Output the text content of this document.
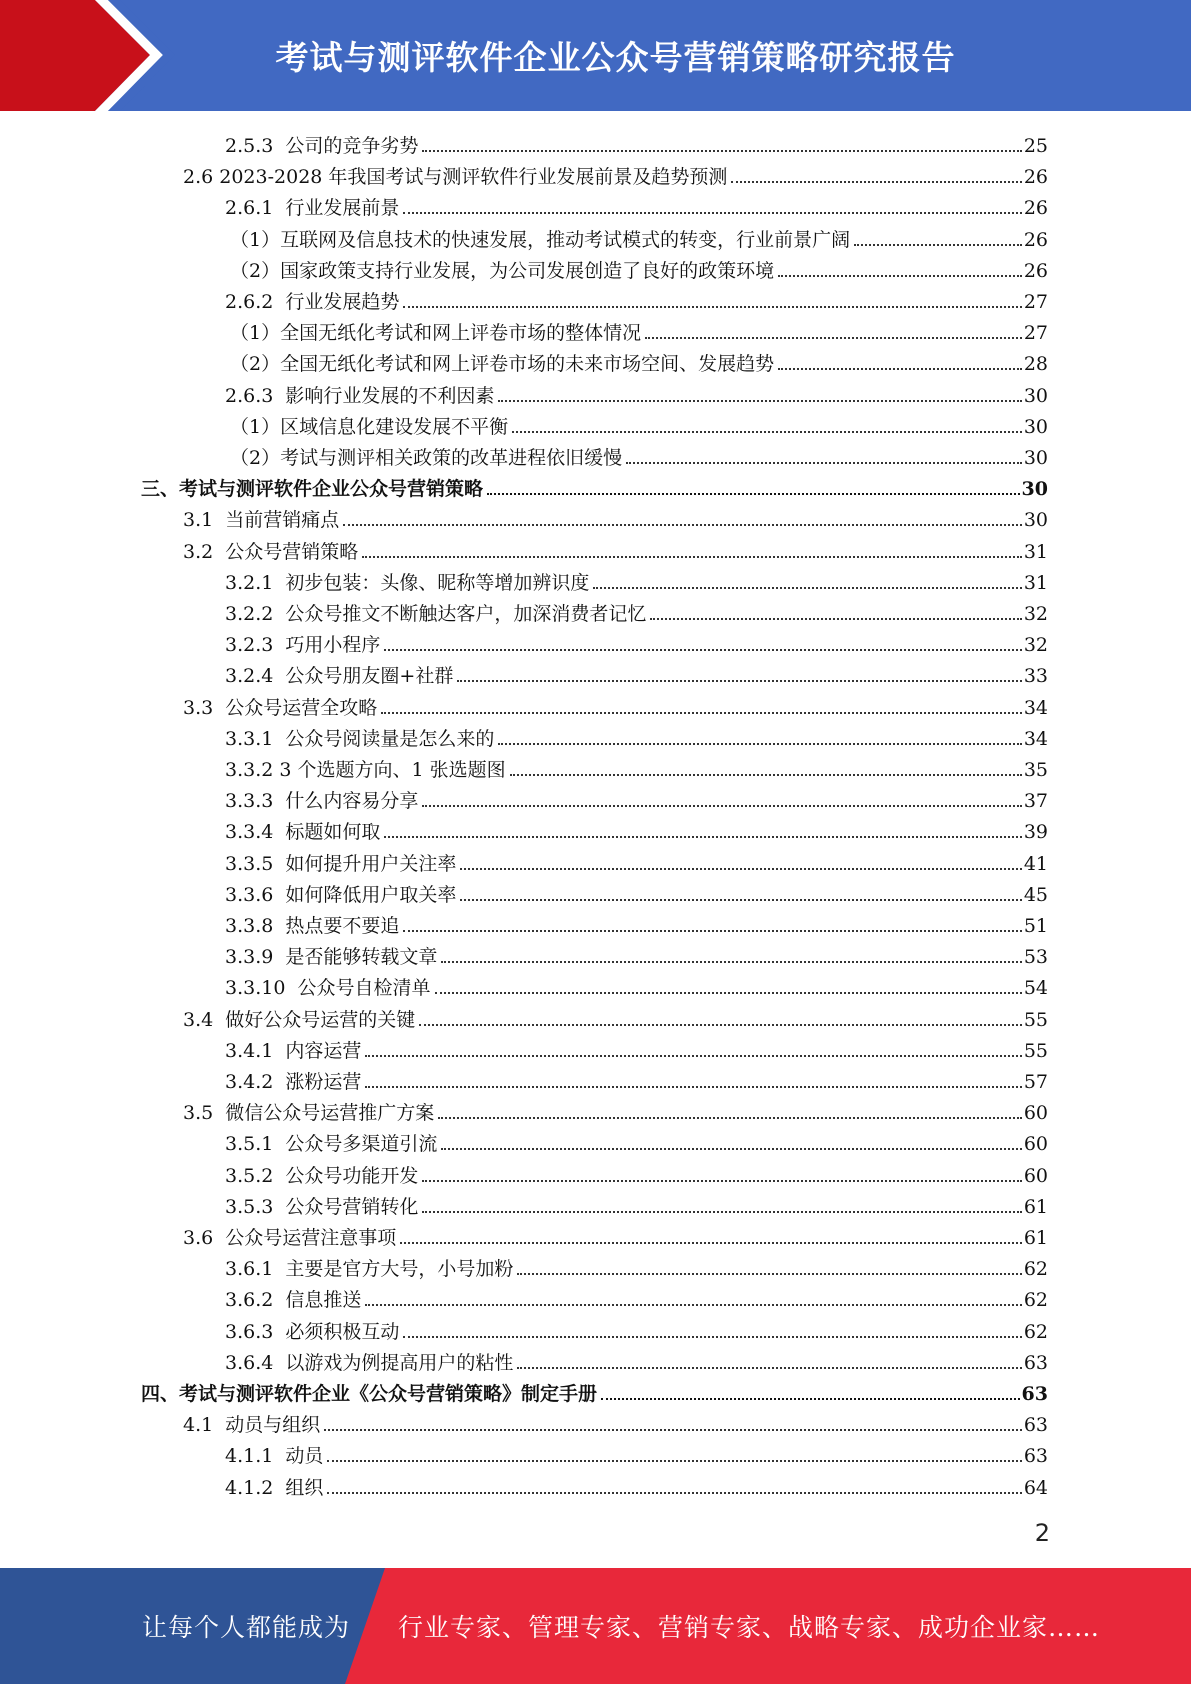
考试与测评软件企业公众号营销策略研究报告
2.5.3  公司的竞争劣势	25
2.6 2023-2028 年我国考试与测评软件行业发展前景及趋势预测	26
2.6.1  行业发展前景	26
（1）互联网及信息技术的快速发展，推动考试模式的转变，行业前景广阔	26
（2）国家政策支持行业发展，为公司发展创造了良好的政策环境	26
2.6.2  行业发展趋势	27
（1）全国无纸化考试和网上评卷市场的整体情况	27
（2）全国无纸化考试和网上评卷市场的未来市场空间、发展趋势	28
2.6.3  影响行业发展的不利因素	30
（1）区域信息化建设发展不平衡	30
（2）考试与测评相关政策的改革进程依旧缓慢	30
三、考试与测评软件企业公众号营销策略	30
3.1  当前营销痛点	30
3.2  公众号营销策略	31
3.2.1  初步包装：头像、昵称等增加辨识度	31
3.2.2  公众号推文不断触达客户，加深消费者记忆	32
3.2.3  巧用小程序	32
3.2.4  公众号朋友圈+社群	33
3.3  公众号运营全攻略	34
3.3.1  公众号阅读量是怎么来的	34
3.3.2 3 个选题方向、1 张选题图	35
3.3.3  什么内容易分享	37
3.3.4  标题如何取	39
3.3.5  如何提升用户关注率	41
3.3.6  如何降低用户取关率	45
3.3.8  热点要不要追	51
3.3.9  是否能够转载文章	53
3.3.10  公众号自检清单	54
3.4  做好公众号运营的关键	55
3.4.1  内容运营	55
3.4.2  涨粉运营	57
3.5  微信公众号运营推广方案	60
3.5.1  公众号多渠道引流	60
3.5.2  公众号功能开发	60
3.5.3  公众号营销转化	61
3.6  公众号运营注意事项	61
3.6.1  主要是官方大号，小号加粉	62
3.6.2  信息推送	62
3.6.3  必须积极互动	62
3.6.4  以游戏为例提高用户的粘性	63
四、考试与测评软件企业《公众号营销策略》制定手册	63
4.1  动员与组织	63
4.1.1  动员	63
4.1.2  组织	64
2
让每个人都能成为 行业专家、管理专家、营销专家、战略专家、成功企业家……
